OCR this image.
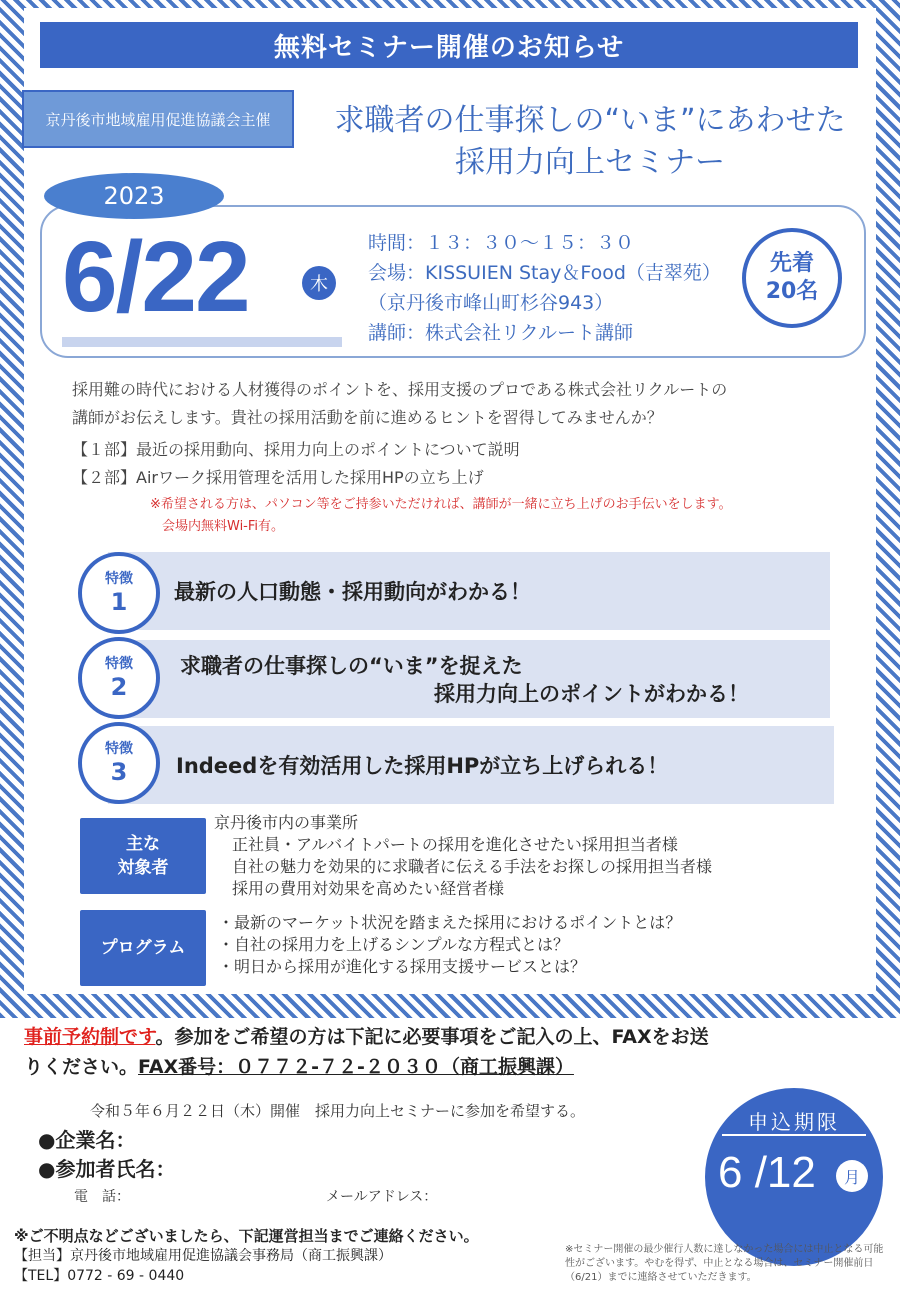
無料セミナー開催のお知らせ
京丹後市地域雇用促進協議会主催	求職者の仕事探しの“いま”にあわせた
採用力向上セミナー
2023
6/22	木
時間：１３：３０～１５：３０
会場：KISSUIEN Stay＆Food（吉翠苑）
（京丹後市峰山町杉谷943）
講師：株式会社リクルート講師
先着
20名
採用難の時代における人材獲得のポイントを、採用支援のプロである株式会社リクルートの
講師がお伝えします。貴社の採用活動を前に進めるヒントを習得してみませんか？
【１部】最近の採用動向、採用力向上のポイントについて説明
【２部】Airワーク採用管理を活用した採用HPの立ち上げ
※希望される方は、パソコン等をご持参いただければ、講師が一緒に立ち上げのお手伝いをします。
会場内無料Wi-Fi有。
最新の人口動態・採用動向がわかる！
特徴
1
求職者の仕事探しの“いま”を捉えた
採用力向上のポイントがわかる！
特徴
2
Indeedを有効活用した採用HPが立ち上げられる！
特徴
3
主な
対象者
京丹後市内の事業所
正社員・アルバイトパートの採用を進化させたい採用担当者様
自社の魅力を効果的に求職者に伝える手法をお探しの採用担当者様
採用の費用対効果を高めたい経営者様
プログラム
・最新のマーケット状況を踏まえた採用におけるポイントとは？
・自社の採用力を上げるシンプルな方程式とは？
・明日から採用が進化する採用支援サービスとは？
事前予約制です。参加をご希望の方は下記に必要事項をご記入の上、FAXをお送
りください。FAX番号：０７７２-７２-２０３０（商工振興課）
令和５年６月２２日（木）開催　採用力向上セミナーに参加を希望する。
●企業名：
●参加者氏名：
電　話：	メールアドレス：
申込期限
6 /12	月
※ご不明点などございましたら、下記運営担当までご連絡ください。
【担当】京丹後市地域雇用促進協議会事務局（商工振興課）
【TEL】0772 - 69 - 0440
※セミナー開催の最少催行人数に達しなかった場合には中止となる可能性がございます。やむを得ず、中止となる場合は、セミナー開催前日（6/21）までに連絡させていただきます。
